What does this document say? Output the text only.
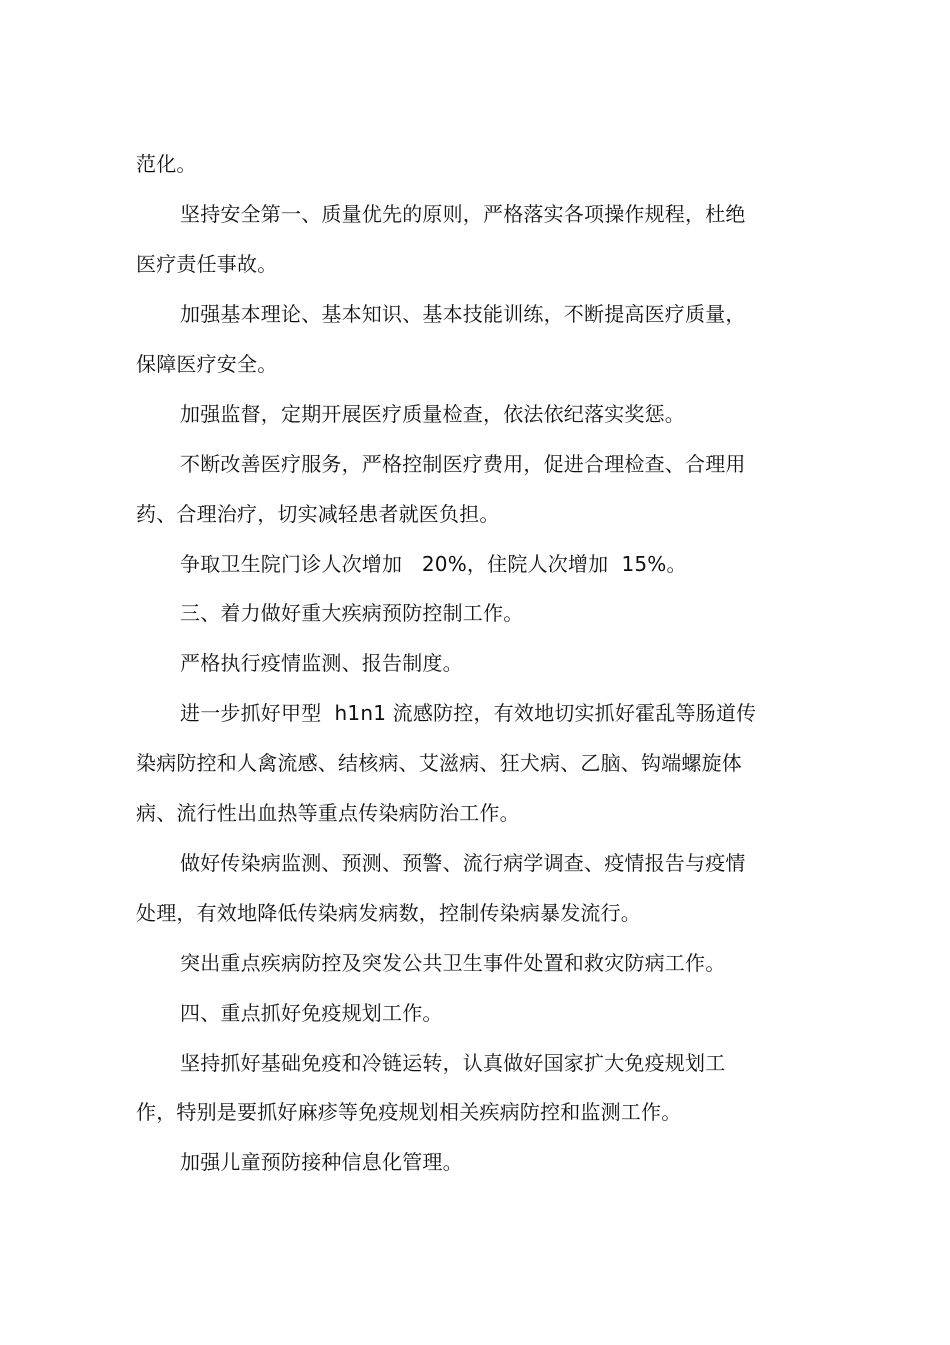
范化。
坚持安全第一、质量优先的原则，严格落实各项操作规程，杜绝
医疗责任事故。
加强基本理论、基本知识、基本技能训练，不断提高医疗质量，
保障医疗安全。
加强监督，定期开展医疗质量检查，依法依纪落实奖惩。
不断改善医疗服务，严格控制医疗费用，促进合理检查、合理用
药、合理治疗，切实减轻患者就医负担。
争取卫生院门诊人次增加   20%，住院人次增加  15%。
三、着力做好重大疾病预防控制工作。
严格执行疫情监测、报告制度。
进一步抓好甲型  h1n1 流感防控，有效地切实抓好霍乱等肠道传
染病防控和人禽流感、结核病、艾滋病、狂犬病、乙脑、钩端螺旋体
病、流行性出血热等重点传染病防治工作。
做好传染病监测、预测、预警、流行病学调查、疫情报告与疫情
处理，有效地降低传染病发病数，控制传染病暴发流行。
突出重点疾病防控及突发公共卫生事件处置和救灾防病工作。
四、重点抓好免疫规划工作。
坚持抓好基础免疫和冷链运转，认真做好国家扩大免疫规划工
作，特别是要抓好麻疹等免疫规划相关疾病防控和监测工作。
加强儿童预防接种信息化管理。
